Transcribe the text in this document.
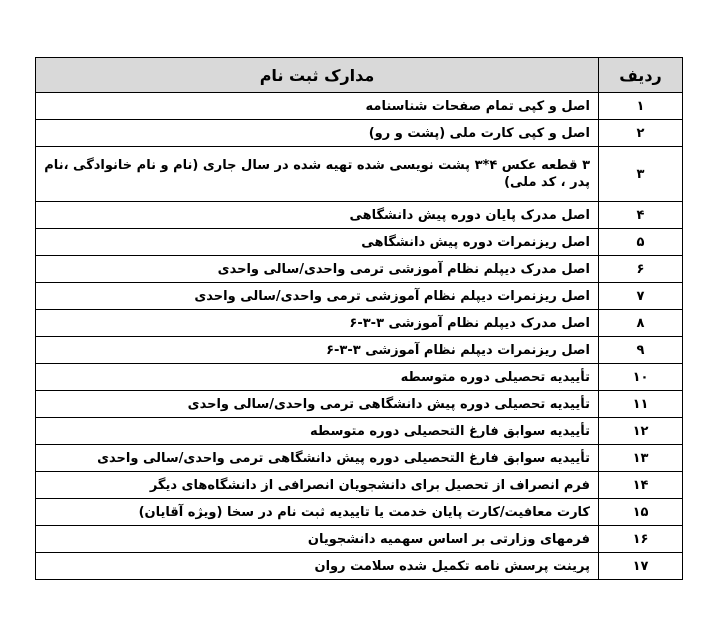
ردیف	مدارک ثبت نام
۱	اصل و کپی تمام صفحات شناسنامه
۲	اصل و کپی کارت ملی (پشت و رو)
۳	۳ قطعه عکس ۴*۳ پشت نویسی شده تهیه شده در سال جاری (نام و نام خانوادگی ،نام پدر ، کد ملی)
۴	اصل مدرک پایان دوره پیش دانشگاهی
۵	اصل ریزنمرات دوره پیش دانشگاهی
۶	اصل مدرک دیپلم نظام آموزشی ترمی واحدی/سالی واحدی
۷	اصل ریزنمرات دیپلم نظام آموزشی ترمی واحدی/سالی واحدی
۸	اصل مدرک دیپلم نظام آموزشی ۳-۳-۶
۹	اصل ریزنمرات دیپلم نظام آموزشی ۳-۳-۶
۱۰	تأییدیه تحصیلی دوره متوسطه
۱۱	تأییدیه تحصیلی دوره پیش دانشگاهی ترمی واحدی/سالی واحدی
۱۲	تأییدیه سوابق فارغ التحصیلی دوره متوسطه
۱۳	تأییدیه سوابق فارغ التحصیلی دوره پیش دانشگاهی ترمی واحدی/سالی واحدی
۱۴	فرم انصراف از تحصیل برای دانشجویان انصرافی از دانشگاه‌های دیگر
۱۵	کارت معافیت/کارت پایان خدمت یا تاییدیه ثبت نام در سخا (ویژه آقایان)
۱۶	فرمهای وزارتی بر اساس سهمیه دانشجویان
۱۷	پرینت پرسش نامه تکمیل شده سلامت روان
